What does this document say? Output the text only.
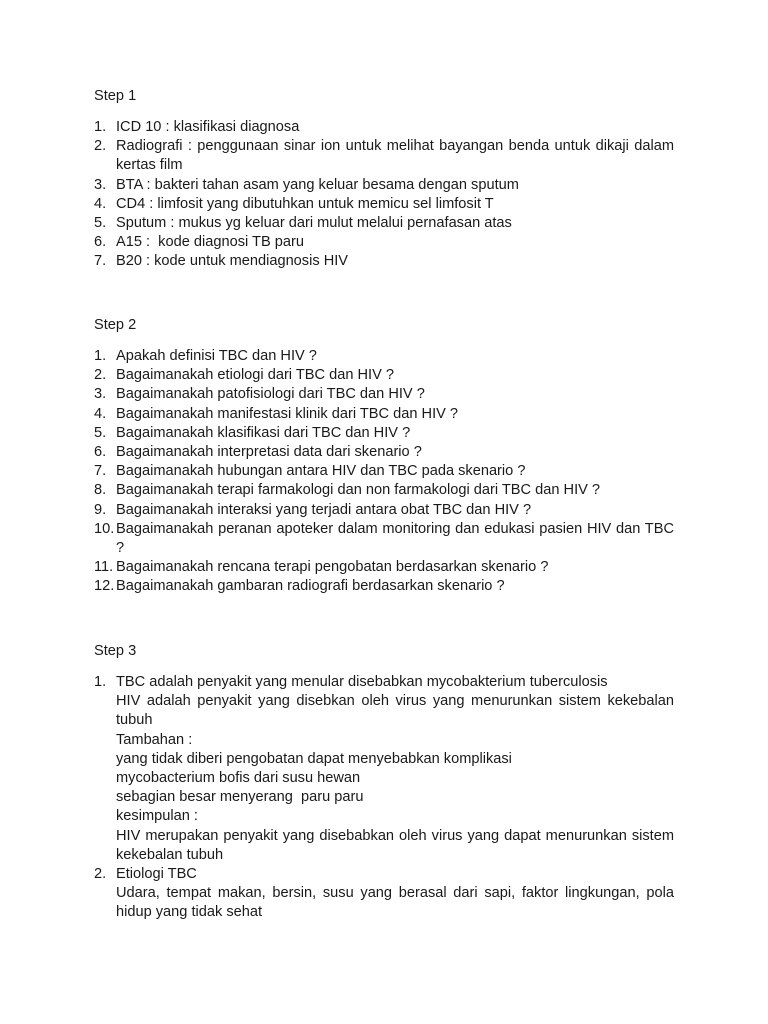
Step 1
1. ICD 10 : klasifikasi diagnosa
2. Radiografi : penggunaan sinar ion untuk melihat bayangan benda untuk dikaji dalam kertas film
3. BTA : bakteri tahan asam yang keluar besama dengan sputum
4. CD4 : limfosit yang dibutuhkan untuk memicu sel limfosit T
5. Sputum : mukus yg keluar dari mulut melalui pernafasan atas
6. A15 :  kode diagnosi TB paru
7. B20 : kode untuk mendiagnosis HIV
Step 2
1. Apakah definisi TBC dan HIV ?
2. Bagaimanakah etiologi dari TBC dan HIV ?
3. Bagaimanakah patofisiologi dari TBC dan HIV ?
4. Bagaimanakah manifestasi klinik dari TBC dan HIV ?
5. Bagaimanakah klasifikasi dari TBC dan HIV ?
6. Bagaimanakah interpretasi data dari skenario ?
7. Bagaimanakah hubungan antara HIV dan TBC pada skenario ?
8. Bagaimanakah terapi farmakologi dan non farmakologi dari TBC dan HIV ?
9. Bagaimanakah interaksi yang terjadi antara obat TBC dan HIV ?
10. Bagaimanakah peranan apoteker dalam monitoring dan edukasi pasien HIV dan TBC ?
11. Bagaimanakah rencana terapi pengobatan berdasarkan skenario ?
12. Bagaimanakah gambaran radiografi berdasarkan skenario ?
Step 3
1. TBC adalah penyakit yang menular disebabkan mycobakterium tuberculosis
HIV adalah penyakit yang disebkan oleh virus yang menurunkan sistem kekebalan tubuh
Tambahan :
yang tidak diberi pengobatan dapat menyebabkan komplikasi
mycobacterium bofis dari susu hewan
sebagian besar menyerang  paru paru
kesimpulan :
HIV merupakan penyakit yang disebabkan oleh virus yang dapat menurunkan sistem kekebalan tubuh
2. Etiologi TBC
Udara, tempat makan, bersin, susu yang berasal dari sapi, faktor lingkungan, pola hidup yang tidak sehat
